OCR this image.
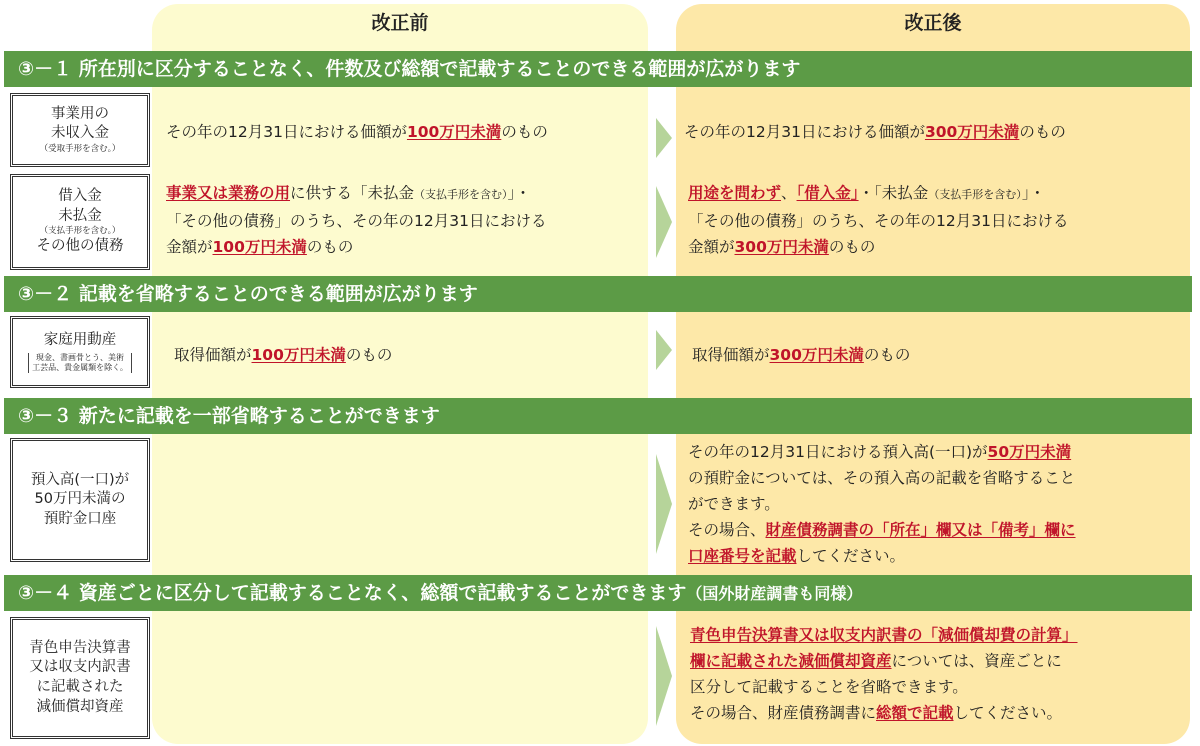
改正前	改正後
③－１ 所在別に区分することなく、件数及び総額で記載することのできる範囲が広がります
③－２ 記載を省略することのできる範囲が広がります
③－３ 新たに記載を一部省略することができます
③－４ 資産ごとに区分して記載することなく、総額で記載することができます（国外財産調書も同様）
事業用の
未収入金
（受取手形を含む。）
借入金
未払金
（支払手形を含む。）
その他の債務
家庭用動産
現金、書画骨とう、美術
工芸品、貴金属類を除く。
預入高(一口)が
50万円未満の
預貯金口座
青色申告決算書
又は収支内訳書
に記載された
減価償却資産
その年の12月31日における価額が100万円未満のもの
事業又は業務の用に供する「未払金（支払手形を含む）」・
「その他の債務」のうち、その年の12月31日における
金額が100万円未満のもの
取得価額が100万円未満のもの
その年の12月31日における価額が300万円未満のもの
用途を問わず、「借入金」・「未払金（支払手形を含む）」・
「その他の債務」のうち、その年の12月31日における
金額が300万円未満のもの
取得価額が300万円未満のもの
その年の12月31日における預入高(一口)が50万円未満
の預貯金については、その預入高の記載を省略すること
ができます。
その場合、財産債務調書の「所在」欄又は「備考」欄に
口座番号を記載してください。
青色申告決算書又は収支内訳書の「減価償却費の計算」
欄に記載された減価償却資産については、資産ごとに
区分して記載することを省略できます。
その場合、財産債務調書に総額で記載してください。
